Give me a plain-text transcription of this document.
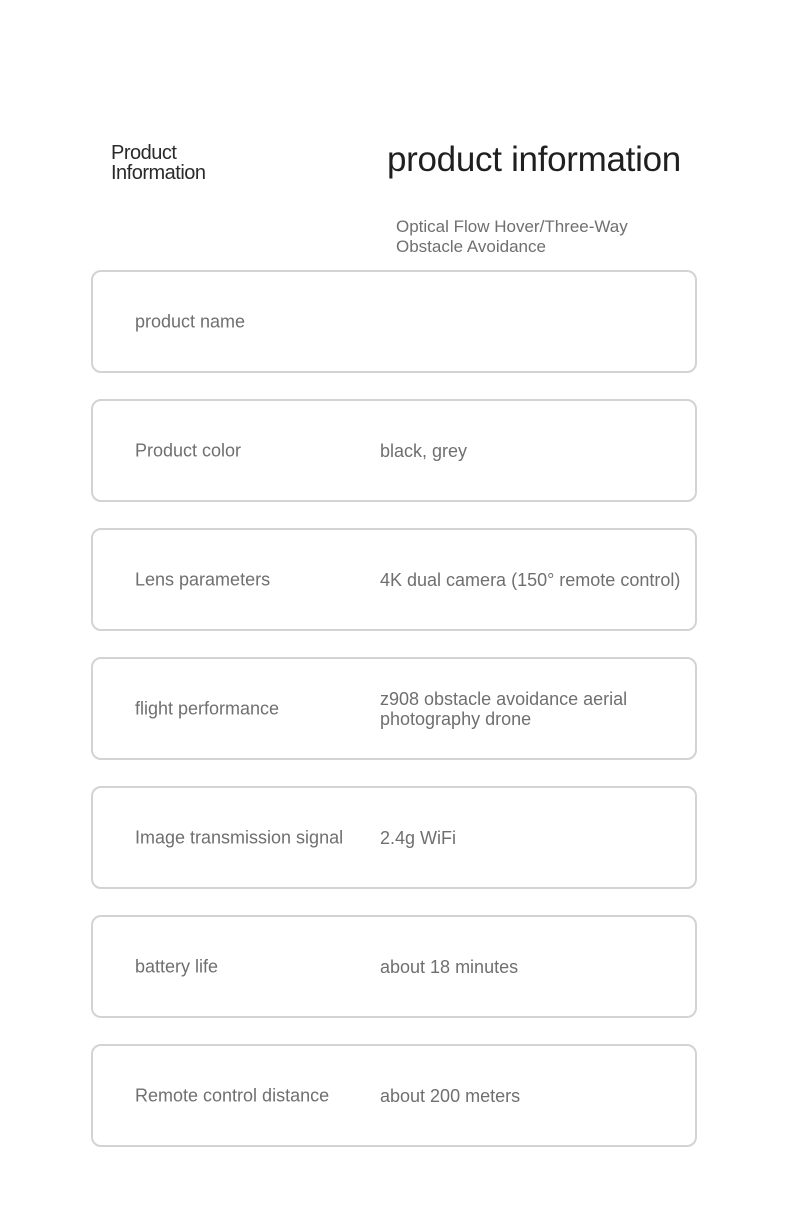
Product
Information	product information
Optical Flow Hover/Three-Way Obstacle Avoidance
product name
Product color	black, grey
Lens parameters	4K dual camera (150° remote control)
flight performance	z908 obstacle avoidance aerial photography drone
Image transmission signal 2.4g WiFi
battery life	about 18 minutes
Remote control distance	about 200 meters
